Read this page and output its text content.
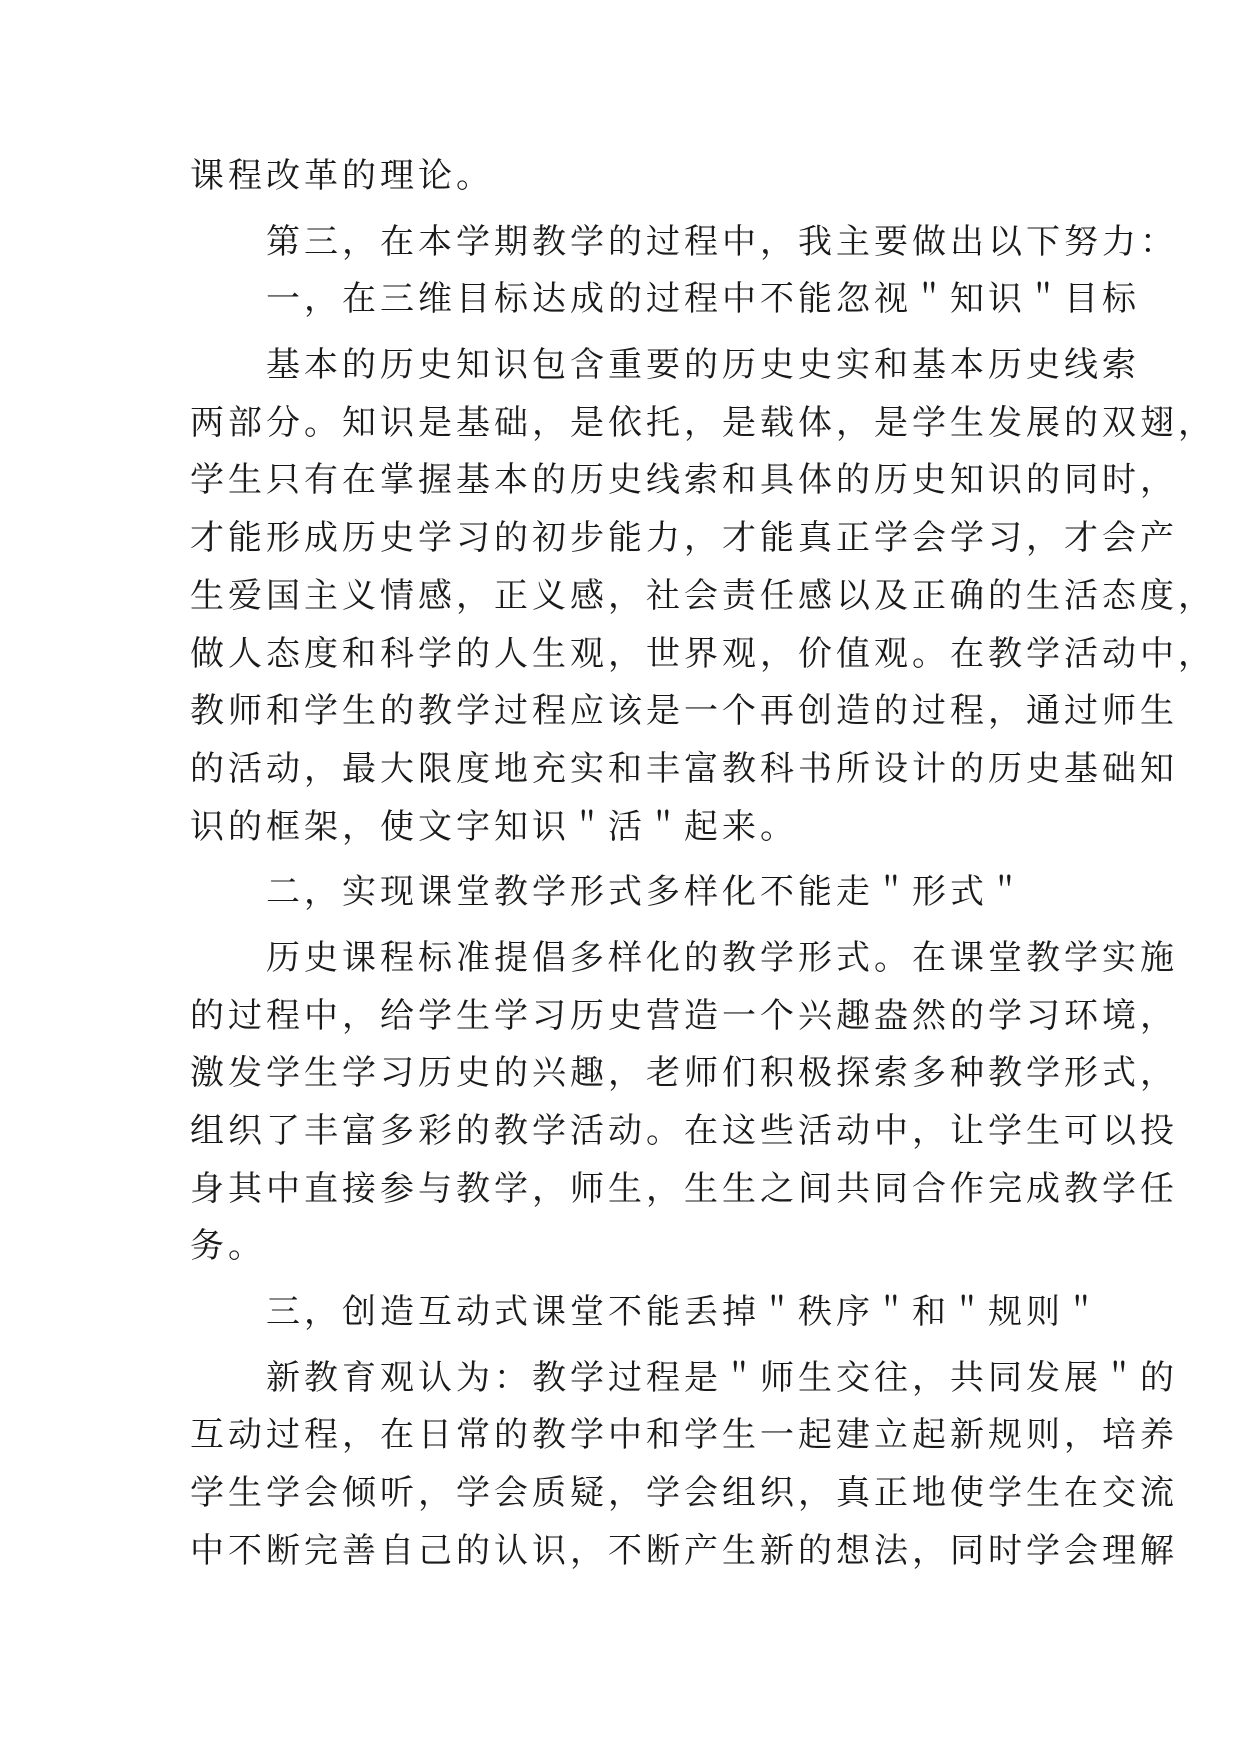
课程改革的理论。
第三，在本学期教学的过程中，我主要做出以下努力：
一，在三维目标达成的过程中不能忽视＂知识＂目标
基本的历史知识包含重要的历史史实和基本历史线索
两部分。知识是基础，是依托，是载体，是学生发展的双翅，
学生只有在掌握基本的历史线索和具体的历史知识的同时，
才能形成历史学习的初步能力，才能真正学会学习，才会产
生爱国主义情感，正义感，社会责任感以及正确的生活态度，
做人态度和科学的人生观，世界观，价值观。在教学活动中，
教师和学生的教学过程应该是一个再创造的过程，通过师生
的活动，最大限度地充实和丰富教科书所设计的历史基础知
识的框架，使文字知识＂活＂起来。
二，实现课堂教学形式多样化不能走＂形式＂
历史课程标准提倡多样化的教学形式。在课堂教学实施
的过程中，给学生学习历史营造一个兴趣盎然的学习环境，
激发学生学习历史的兴趣，老师们积极探索多种教学形式，
组织了丰富多彩的教学活动。在这些活动中，让学生可以投
身其中直接参与教学，师生，生生之间共同合作完成教学任
务。
三，创造互动式课堂不能丢掉＂秩序＂和＂规则＂
新教育观认为：教学过程是＂师生交往，共同发展＂的
互动过程，在日常的教学中和学生一起建立起新规则，培养
学生学会倾听，学会质疑，学会组织，真正地使学生在交流
中不断完善自己的认识，不断产生新的想法，同时学会理解
